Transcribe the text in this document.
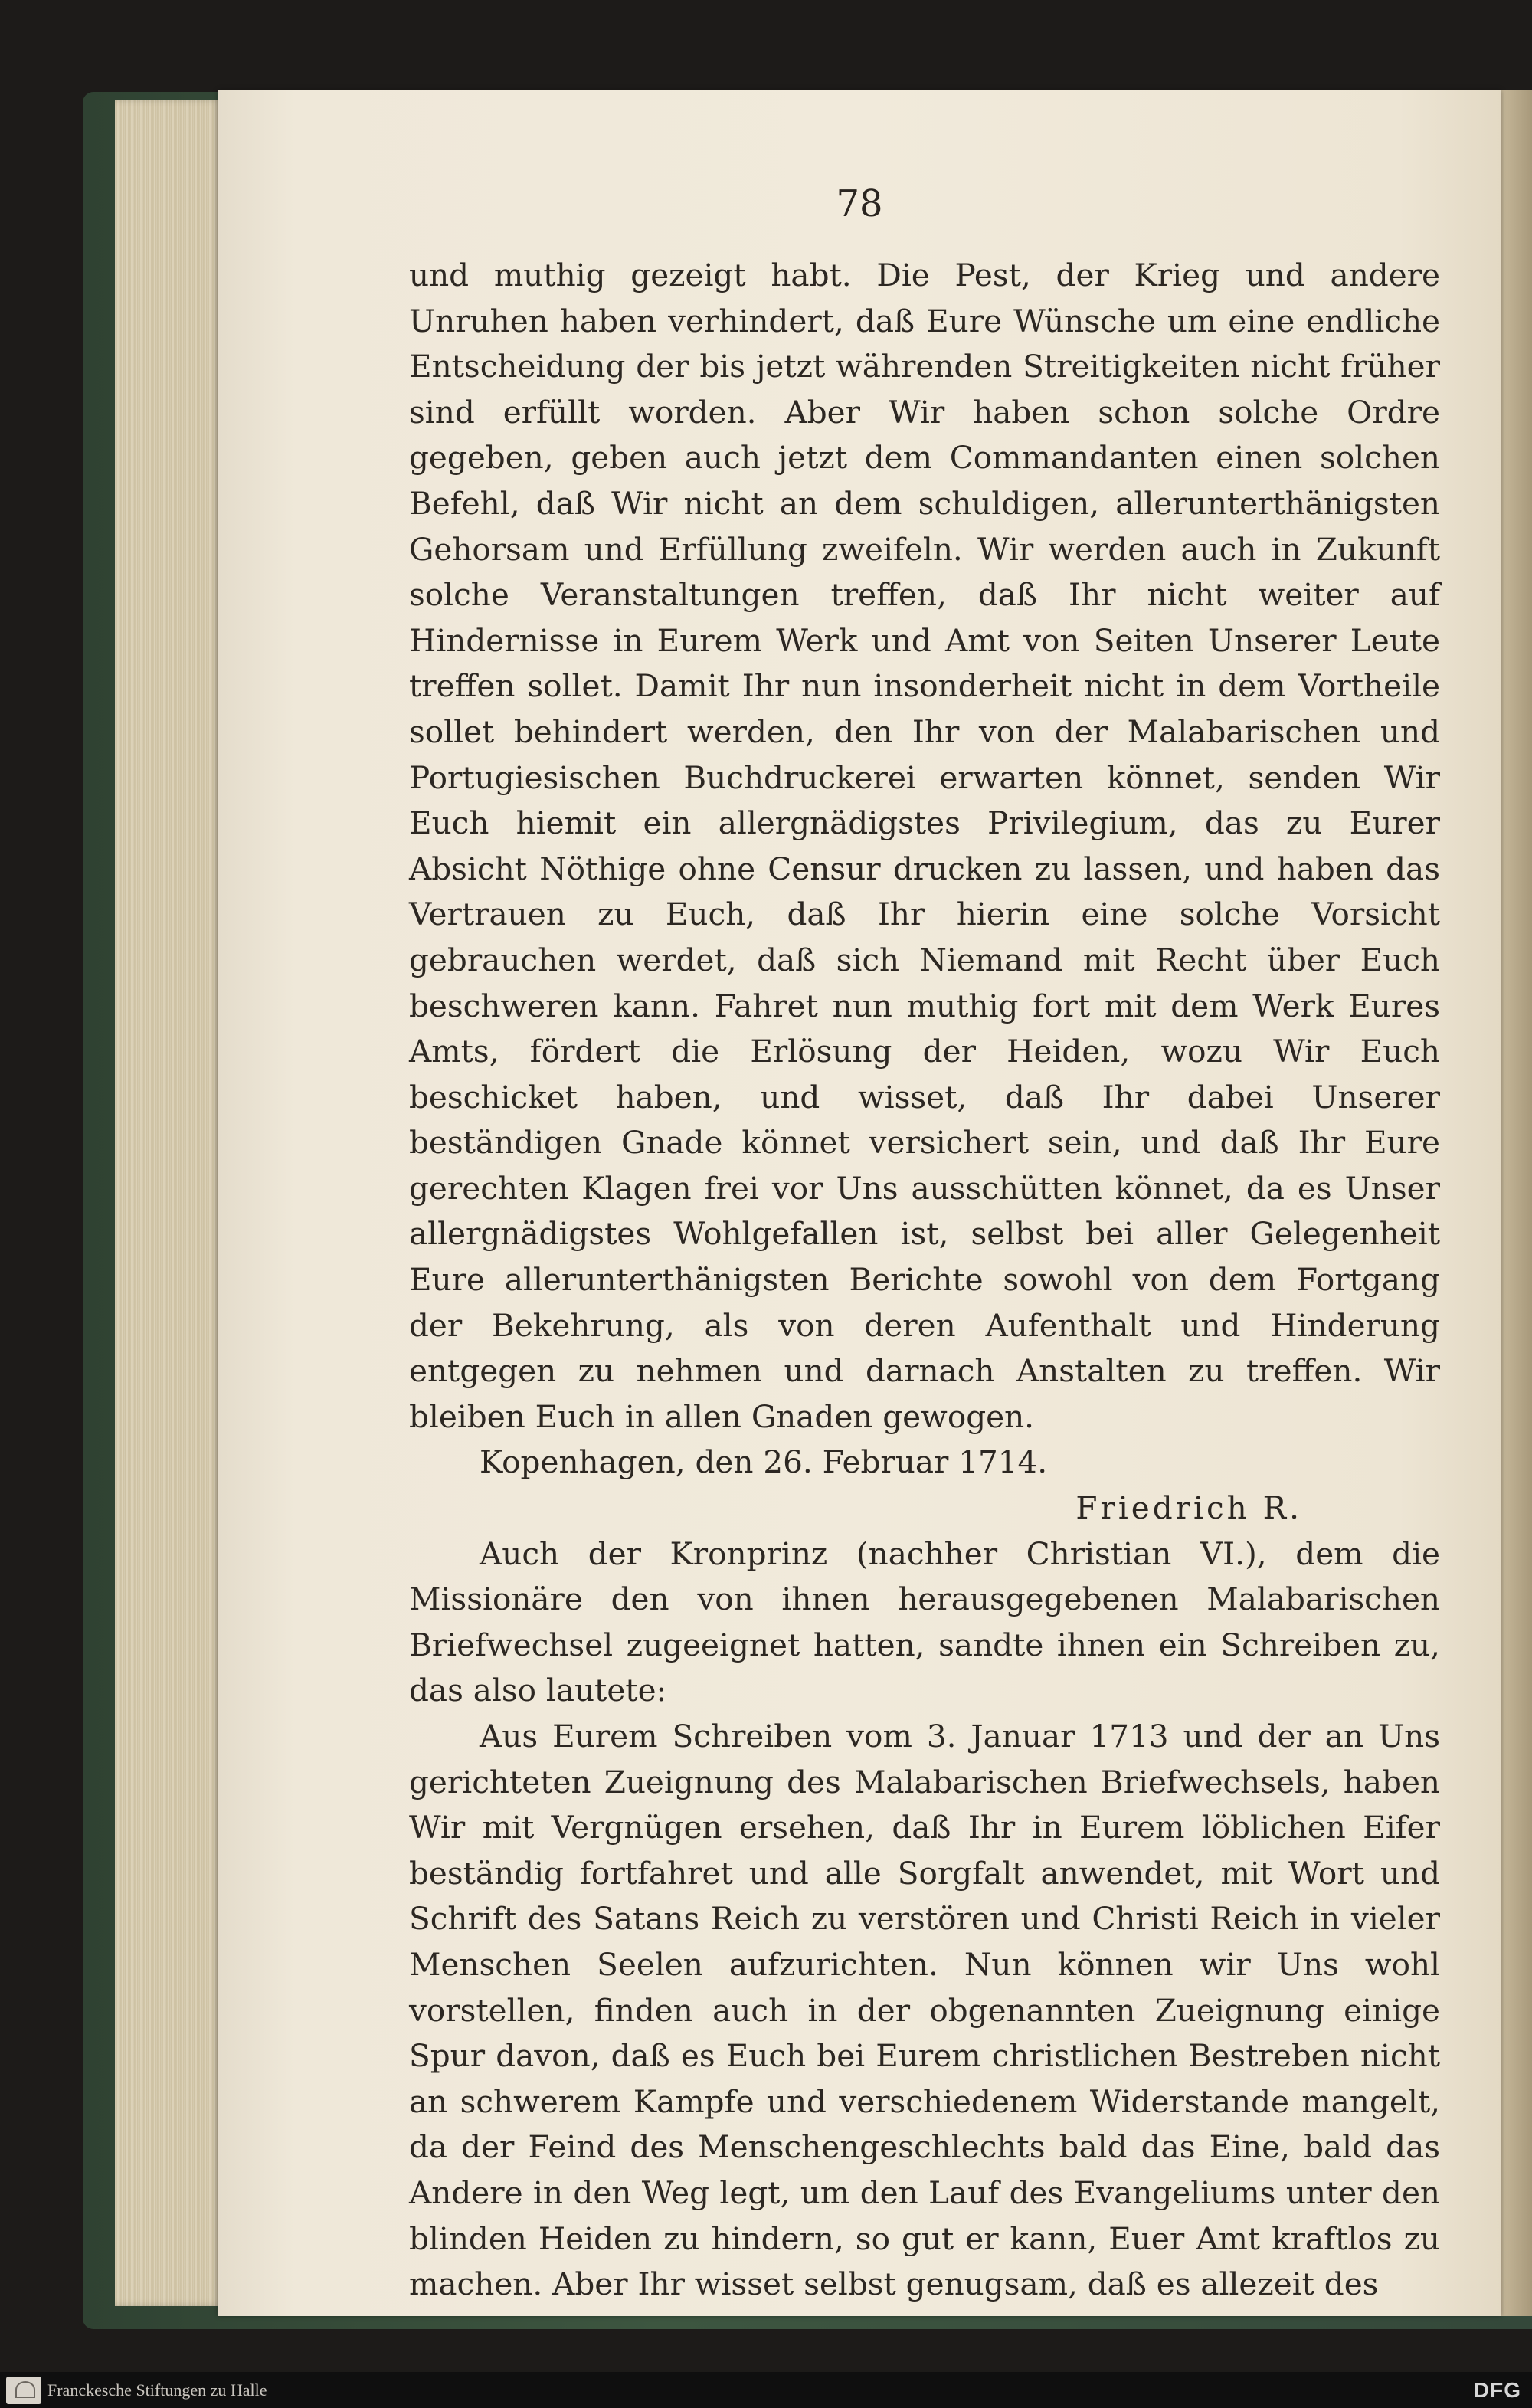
78

und muthig gezeigt habt. Die Pest, der Krieg und andere Unruhen haben verhindert, daß Eure Wünsche um eine endliche Entscheidung der bis jetzt währenden Streitigkeiten nicht früher sind erfüllt worden. Aber Wir haben schon solche Ordre gegeben, geben auch jetzt dem Commandanten einen solchen Befehl, daß Wir nicht an dem schuldigen, allerunterthänigsten Gehorsam und Erfüllung zweifeln. Wir werden auch in Zukunft solche Veranstaltungen treffen, daß Ihr nicht weiter auf Hindernisse in Eurem Werk und Amt von Seiten Unserer Leute treffen sollet. Damit Ihr nun insonderheit nicht in dem Vortheile sollet behindert werden, den Ihr von der Malabarischen und Portugiesischen Buchdruckerei erwarten könnet, senden Wir Euch hiemit ein allergnädigstes Privilegium, das zu Eurer Absicht Nöthige ohne Censur drucken zu lassen, und haben das Vertrauen zu Euch, daß Ihr hierin eine solche Vorsicht gebrauchen werdet, daß sich Niemand mit Recht über Euch beschweren kann. Fahret nun muthig fort mit dem Werk Eures Amts, fördert die Erlösung der Heiden, wozu Wir Euch beschicket haben, und wisset, daß Ihr dabei Unserer beständigen Gnade könnet versichert sein, und daß Ihr Eure gerechten Klagen frei vor Uns ausschütten könnet, da es Unser allergnädigstes Wohlgefallen ist, selbst bei aller Gelegenheit Eure allerunterthänigsten Berichte sowohl von dem Fortgang der Bekehrung, als von deren Aufenthalt und Hinderung entgegen zu nehmen und darnach Anstalten zu treffen. Wir bleiben Euch in allen Gnaden gewogen.

Kopenhagen, den 26. Februar 1714.

Friedrich R.

Auch der Kronprinz (nachher Christian VI.), dem die Missionäre den von ihnen herausgegebenen Malabarischen Briefwechsel zugeeignet hatten, sandte ihnen ein Schreiben zu, das also lautete:

Aus Eurem Schreiben vom 3. Januar 1713 und der an Uns gerichteten Zueignung des Malabarischen Briefwechsels, haben Wir mit Vergnügen ersehen, daß Ihr in Eurem löblichen Eifer beständig fortfahret und alle Sorgfalt anwendet, mit Wort und Schrift des Satans Reich zu verstören und Christi Reich in vieler Menschen Seelen aufzurichten. Nun können wir Uns wohl vorstellen, finden auch in der obgenannten Zueignung einige Spur davon, daß es Euch bei Eurem christlichen Bestreben nicht an schwerem Kampfe und verschiedenem Widerstande mangelt, da der Feind des Menschengeschlechts bald das Eine, bald das Andere in den Weg legt, um den Lauf des Evangeliums unter den blinden Heiden zu hindern, so gut er kann, Euer Amt kraftlos zu machen. Aber Ihr wisset selbst genugsam, daß es allezeit des

Franckesche Stiftungen zu Halle	DFG
